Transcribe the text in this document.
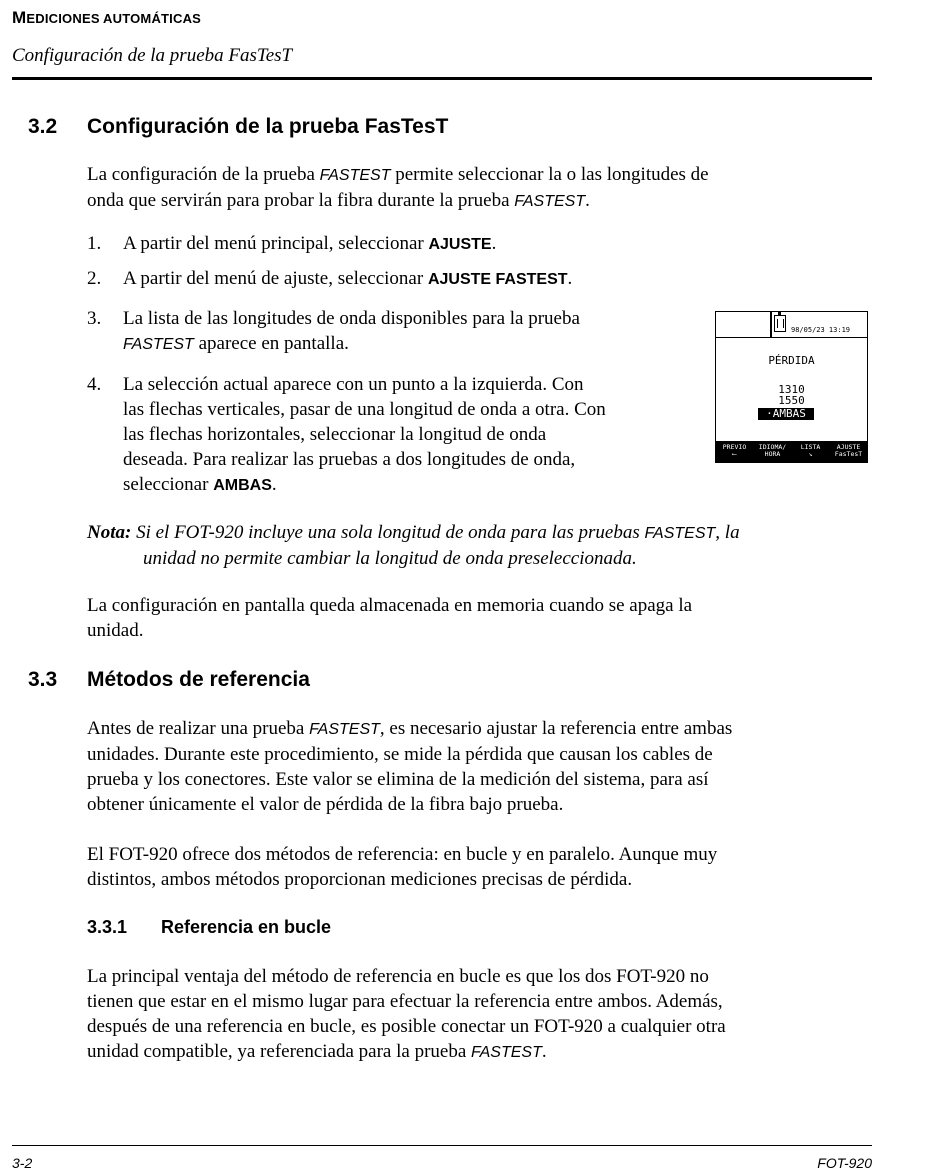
MEDICIONES AUTOMÁTICAS
Configuración de la prueba FasTesT
3.2 Configuración de la prueba FasTesT
La configuración de la prueba FASTEST permite seleccionar la o las longitudes de
onda que servirán para probar la fibra durante la prueba FASTEST.
1. A partir del menú principal, seleccionar AJUSTE.
2. A partir del menú de ajuste, seleccionar AJUSTE FASTEST.
3. La lista de las longitudes de onda disponibles para la prueba
FASTEST aparece en pantalla.
4. La selección actual aparece con un punto a la izquierda. Con
las flechas verticales, pasar de una longitud de onda a otra. Con
las flechas horizontales, seleccionar la longitud de onda
deseada. Para realizar las pruebas a dos longitudes de onda,
seleccionar AMBAS.
98/05/23 13:19
PÉRDIDA
1310
1550
·AMBAS
PREVIO
⟵
IDIOMA/
HORA
LISTA
↘
AJUSTE
FasTesT
Nota: Si el FOT-920 incluye una sola longitud de onda para las pruebas FASTEST, la
unidad no permite cambiar la longitud de onda preseleccionada.
La configuración en pantalla queda almacenada en memoria cuando se apaga la
unidad.
3.3 Métodos de referencia
Antes de realizar una prueba FASTEST, es necesario ajustar la referencia entre ambas
unidades. Durante este procedimiento, se mide la pérdida que causan los cables de
prueba y los conectores. Este valor se elimina de la medición del sistema, para así
obtener únicamente el valor de pérdida de la fibra bajo prueba.
El FOT-920 ofrece dos métodos de referencia: en bucle y en paralelo. Aunque muy
distintos, ambos métodos proporcionan mediciones precisas de pérdida.
3.3.1 Referencia en bucle
La principal ventaja del método de referencia en bucle es que los dos FOT-920 no
tienen que estar en el mismo lugar para efectuar la referencia entre ambos. Además,
después de una referencia en bucle, es posible conectar un FOT-920 a cualquier otra
unidad compatible, ya referenciada para la prueba FASTEST.
3-2	FOT-920
